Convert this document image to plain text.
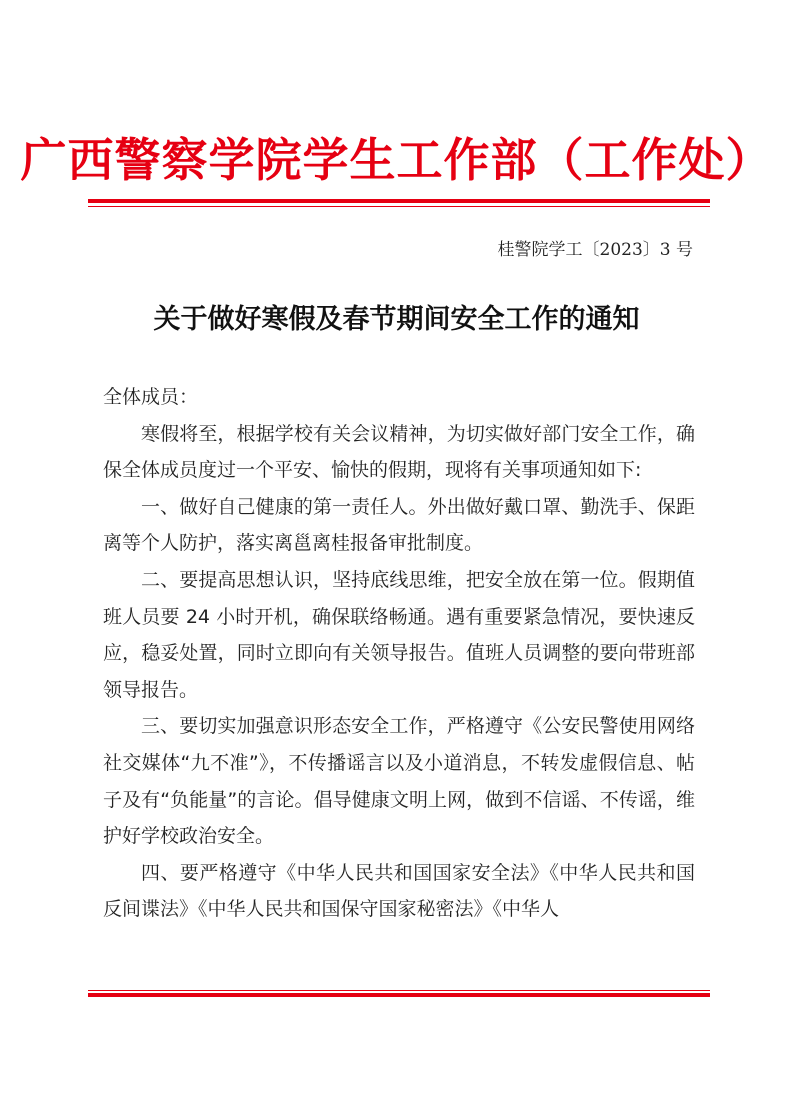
广西警察学院学生工作部（工作处）
桂警院学工〔2023〕3 号
关于做好寒假及春节期间安全工作的通知

全体成员：

寒假将至，根据学校有关会议精神，为切实做好部门安全工作，确保全体成员度过一个平安、愉快的假期，现将有关事项通知如下:

一、做好自己健康的第一责任人。外出做好戴口罩、勤洗手、保距离等个人防护，落实离邕离桂报备审批制度。

二、要提高思想认识，坚持底线思维，把安全放在第一位。假期值班人员要 24 小时开机，确保联络畅通。遇有重要紧急情况，要快速反应，稳妥处置，同时立即向有关领导报告。值班人员调整的要向带班部领导报告。

三、要切实加强意识形态安全工作，严格遵守《公安民警使用网络社交媒体“九不准”》，不传播谣言以及小道消息，不转发虚假信息、帖子及有“负能量”的言论。倡导健康文明上网，做到不信谣、不传谣，维护好学校政治安全。

四、要严格遵守《中华人民共和国国家安全法》《中华人民共和国反间谍法》《中华人民共和国保守国家秘密法》《中华人
